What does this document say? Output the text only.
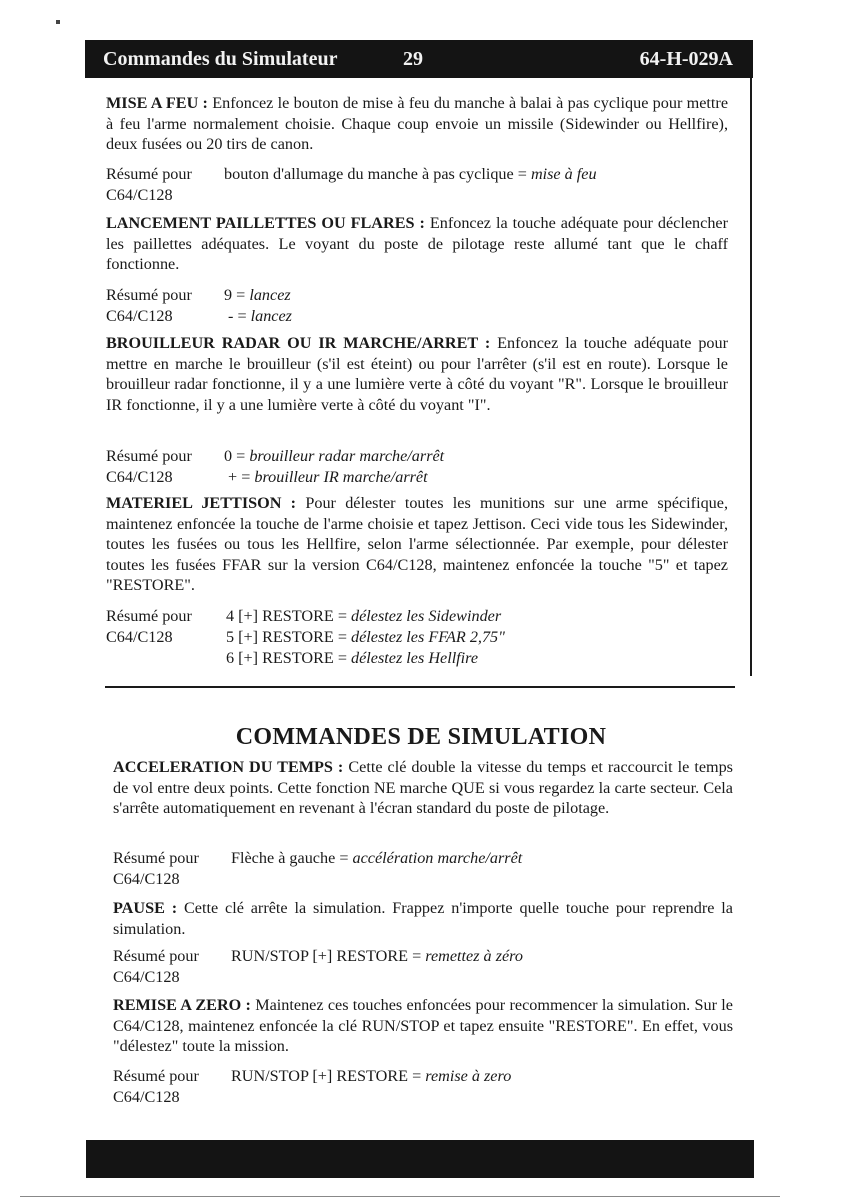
Commandes du Simulateur	29	64-H-029A
MISE A FEU : Enfoncez le bouton de mise à feu du manche à balai à pas cyclique pour mettre à feu l'arme normalement choisie. Chaque coup envoie un missile (Sidewinder ou Hellfire), deux fusées ou 20 tirs de canon.
Résumé pour
C64/C128
bouton d'allumage du manche à pas cyclique = mise à feu
LANCEMENT PAILLETTES OU FLARES : Enfoncez la touche adéquate pour déclencher les paillettes adéquates. Le voyant du poste de pilotage reste allumé tant que le chaff fonctionne.
Résumé pour
C64/C128
9 = lancez
- = lancez
BROUILLEUR RADAR OU IR MARCHE/ARRET : Enfoncez la touche adéquate pour mettre en marche le brouilleur (s'il est éteint) ou pour l'arrêter (s'il est en route). Lorsque le brouilleur radar fonctionne, il y a une lumière verte à côté du voyant "R". Lorsque le brouilleur IR fonctionne, il y a une lumière verte à côté du voyant "I".
Résumé pour
C64/C128
0 = brouilleur radar marche/arrêt
+ = brouilleur IR marche/arrêt
MATERIEL JETTISON : Pour délester toutes les munitions sur une arme spécifique, maintenez enfoncée la touche de l'arme choisie et tapez Jettison. Ceci vide tous les Sidewinder, toutes les fusées ou tous les Hellfire, selon l'arme sélectionnée. Par exemple, pour délester toutes les fusées FFAR sur la version C64/C128, maintenez enfoncée la touche "5" et tapez "RESTORE".
Résumé pour
C64/C128
4 [+] RESTORE = délestez les Sidewinder
5 [+] RESTORE = délestez les FFAR 2,75"
6 [+] RESTORE = délestez les Hellfire
COMMANDES DE SIMULATION
ACCELERATION DU TEMPS : Cette clé double la vitesse du temps et raccourcit le temps de vol entre deux points. Cette fonction NE marche QUE si vous regardez la carte secteur. Cela s'arrête automatiquement en revenant à l'écran standard du poste de pilotage.
Résumé pour
C64/C128
Flèche à gauche = accélération marche/arrêt
PAUSE : Cette clé arrête la simulation. Frappez n'importe quelle touche pour reprendre la simulation.
Résumé pour
C64/C128
RUN/STOP [+] RESTORE = remettez à zéro
REMISE A ZERO : Maintenez ces touches enfoncées pour recommencer la simulation. Sur le C64/C128, maintenez enfoncée la clé RUN/STOP et tapez ensuite "RESTORE". En effet, vous "délestez" toute la mission.
Résumé pour
C64/C128
RUN/STOP [+] RESTORE = remise à zero
